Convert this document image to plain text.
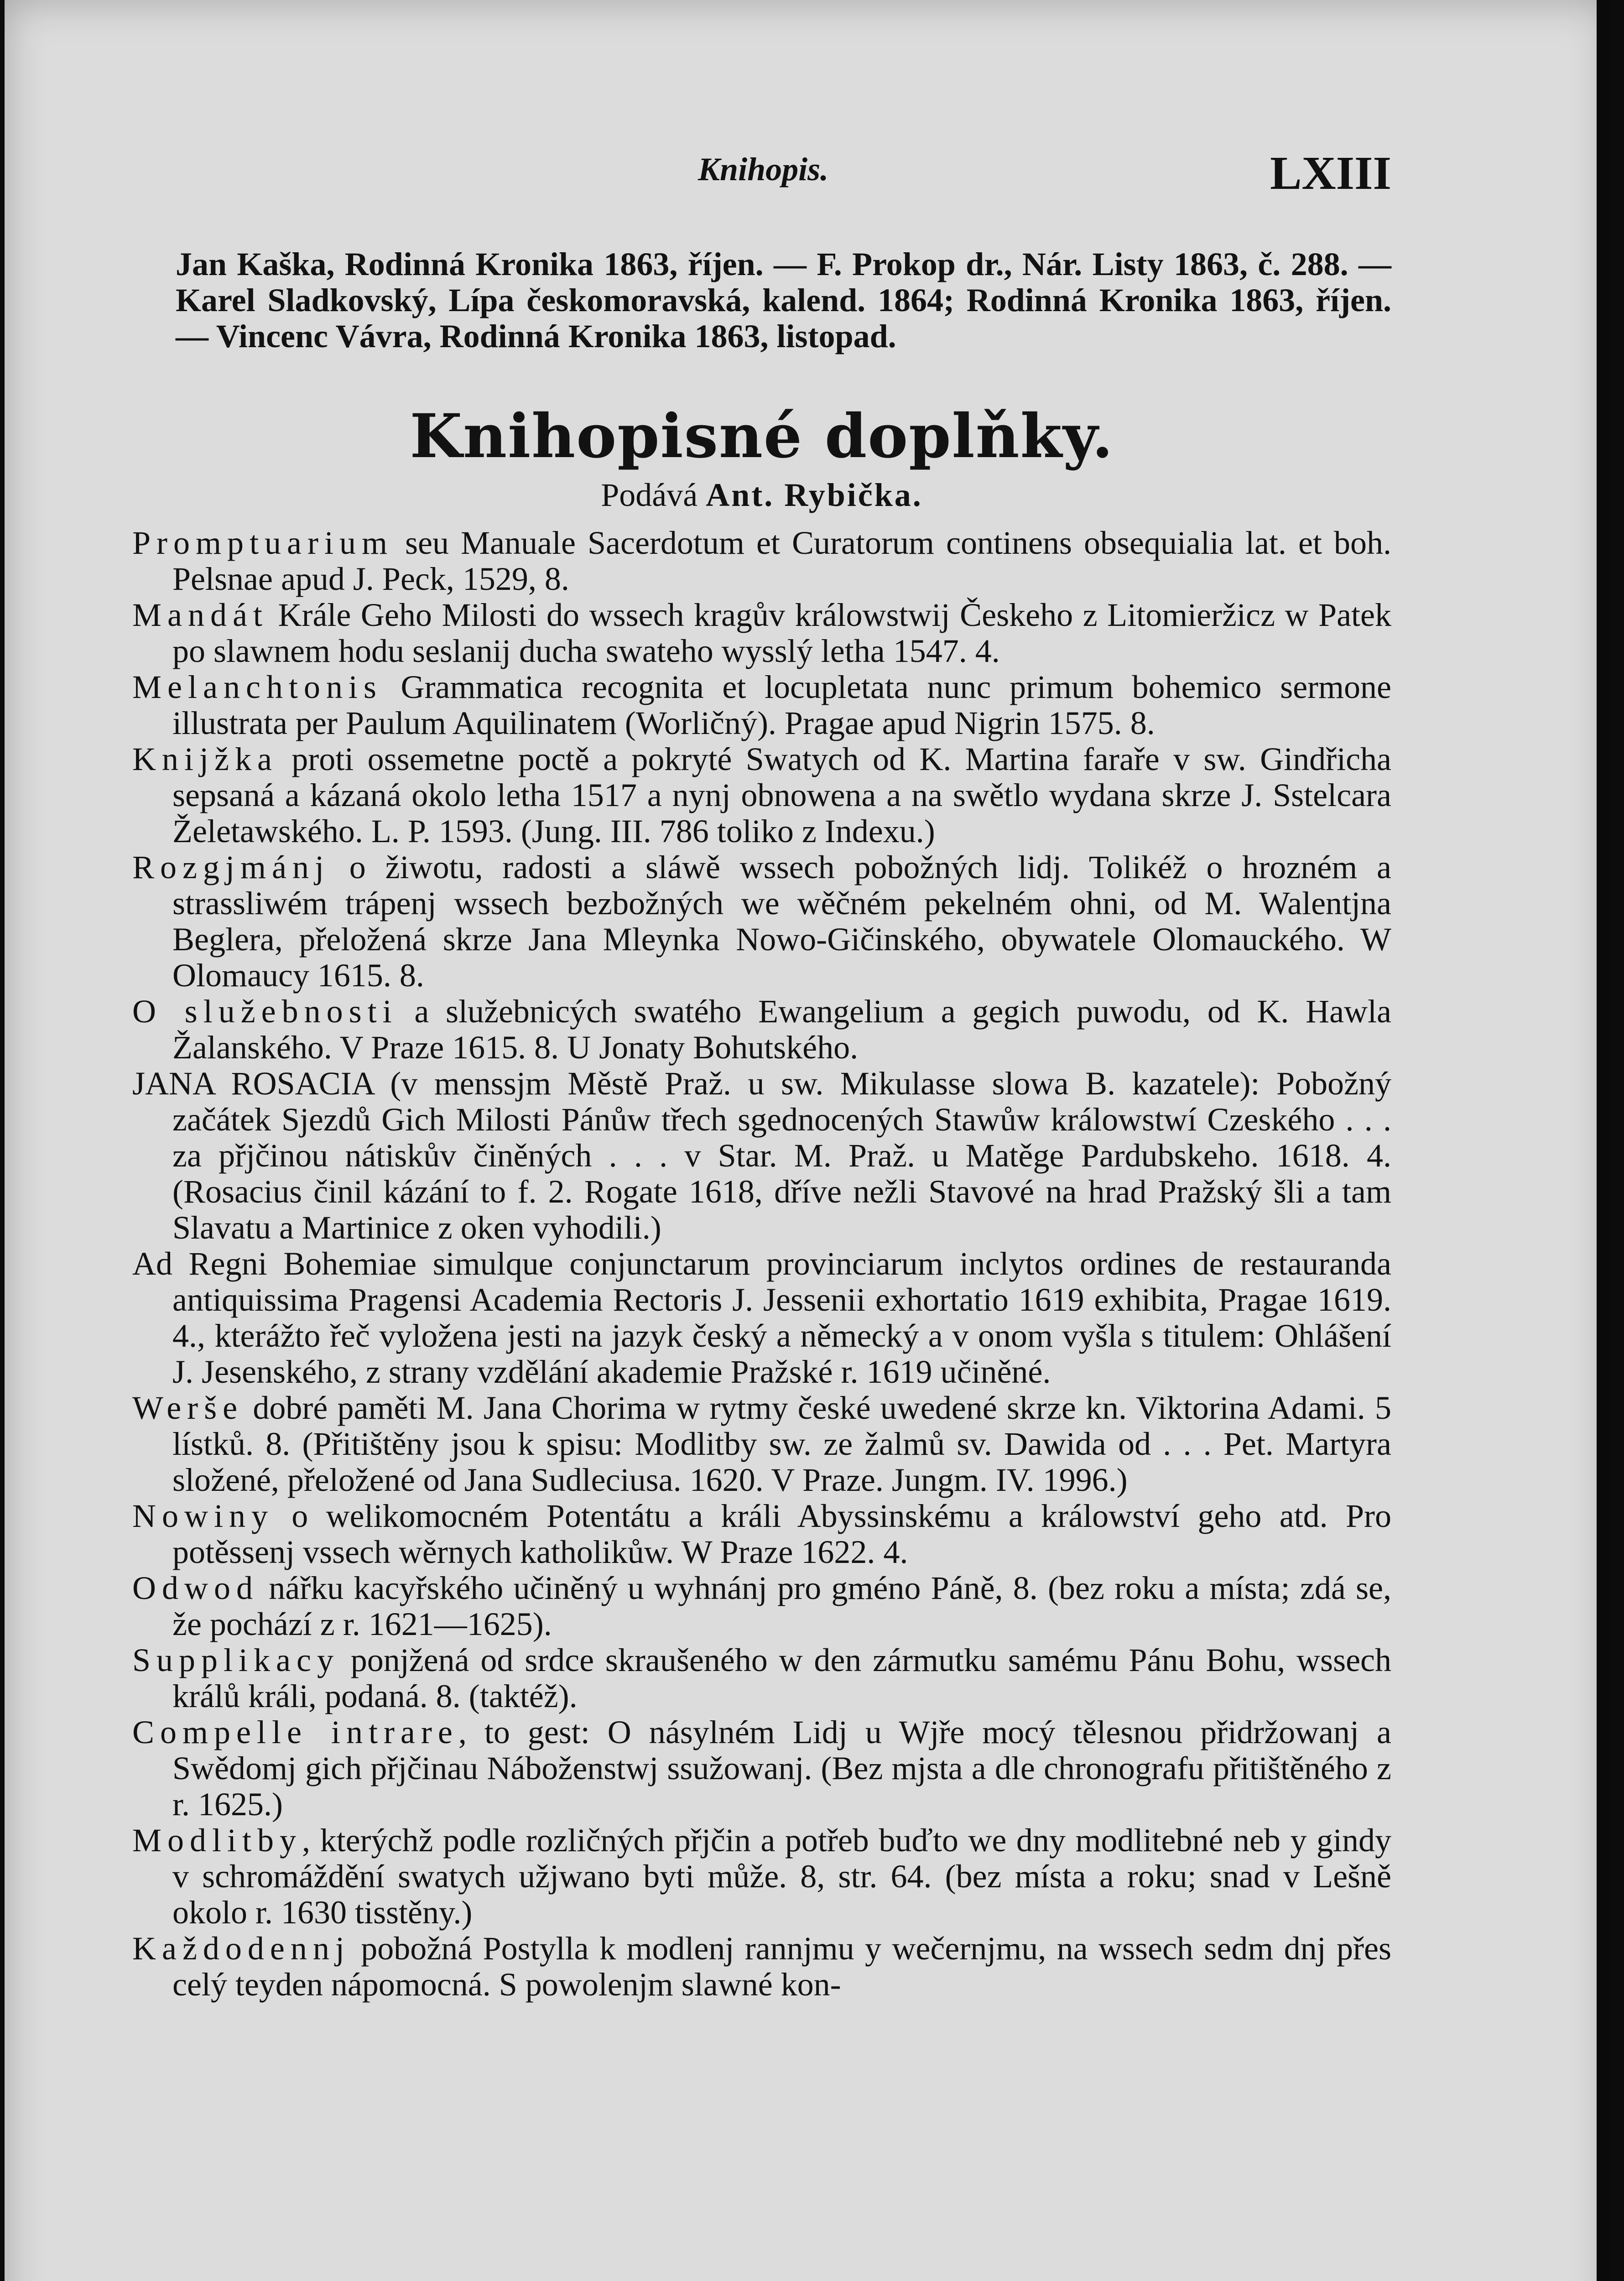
Knihopis.	LXIII

Jan Kaška, Rodinná Kronika 1863, říjen. — F. Prokop dr., Nár. Listy 1863, č. 288. — Karel Sladkovský, Lípa českomoravská, kalend. 1864; Rodinná Kronika 1863, říjen. — Vincenc Vávra, Rodinná Kronika 1863, listopad.

Knihopisné doplňky.
Podává Ant. Rybička.

Promptuarium seu Manuale Sacerdotum et Curatorum continens obsequialia lat. et boh. Pelsnae apud J. Peck, 1529, 8.

Mandát Krále Geho Milosti do wssech kragův králowstwij Českeho z Litomieržicz w Patek po slawnem hodu seslanij ducha swateho wysslý letha 1547. 4.

Melanchtonis Grammatica recognita et locupletata nunc primum bohemico sermone illustrata per Paulum Aquilinatem (Worličný). Pragae apud Nigrin 1575. 8.

Knijžka proti ossemetne poctě a pokryté Swatych od K. Martina faraře v sw. Gindřicha sepsaná a kázaná okolo letha 1517 a nynj obnowena a na swětlo wydana skrze J. Sstelcara Želetawského. L. P. 1593. (Jung. III. 786 toliko z Indexu.)

Rozgjmánj o žiwotu, radosti a sláwě wssech pobožných lidj. Tolikéž o hrozném a strassliwém trápenj wssech bezbožných we wěčném pekelném ohni, od M. Walentjna Beglera, přeložená skrze Jana Mleynka Nowo-Gičinského, obywatele Olomauckého. W Olomaucy 1615. 8.

O služebnosti a služebnicých swatého Ewangelium a gegich puwodu, od K. Hawla Žalanského. V Praze 1615. 8. U Jonaty Bohutského.

JANA ROSACIA (v menssjm Městě Praž. u sw. Mikulasse slowa B. kazatele): Pobožný začátek Sjezdů Gich Milosti Pánůw třech sgednocených Stawůw králowstwí Czeského . . . za přjčinou nátiskův činěných . . . v Star. M. Praž. u Matěge Pardubskeho. 1618. 4. (Rosacius činil kázání to f. 2. Rogate 1618, dříve nežli Stavové na hrad Pražský šli a tam Slavatu a Martinice z oken vyhodili.)

Ad Regni Bohemiae simulque conjunctarum provinciarum inclytos ordines de restauranda antiquissima Pragensi Academia Rectoris J. Jessenii exhortatio 1619 exhibita, Pragae 1619. 4., kterážto řeč vyložena jesti na jazyk český a německý a v onom vyšla s titulem: Ohlášení J. Jesenského, z strany vzdělání akademie Pražské r. 1619 učiněné.

Werše dobré paměti M. Jana Chorima w rytmy české uwedené skrze kn. Viktorina Adami. 5 lístků. 8. (Přitištěny jsou k spisu: Modlitby sw. ze žalmů sv. Dawida od . . . Pet. Martyra složené, přeložené od Jana Sudleciusa. 1620. V Praze. Jungm. IV. 1996.)

Nowiny o welikomocném Potentátu a králi Abyssinskému a králowství geho atd. Pro potěssenj vssech wěrnych katholikůw. W Praze 1622. 4.

Odwod nářku kacyřského učiněný u wyhnánj pro gméno Páně, 8. (bez roku a místa; zdá se, že pochází z r. 1621—1625).

Supplikacy ponjžená od srdce skraušeného w den zármutku samému Pánu Bohu, wssech králů králi, podaná. 8. (taktéž).

Compelle intrare, to gest: O násylném Lidj u Wjře mocý tělesnou přidržowanj a Swědomj gich přjčinau Náboženstwj ssužowanj. (Bez mjsta a dle chronografu přitištěného z r. 1625.)

Modlitby, kterýchž podle rozličných přjčin a potřeb buďto we dny modlitebné neb y gindy v schromáždění swatych užjwano byti může. 8, str. 64. (bez místa a roku; snad v Lešně okolo r. 1630 tisstěny.)

Každodennj pobožná Postylla k modlenj rannjmu y wečernjmu, na wssech sedm dnj přes celý teyden nápomocná. S powolenjm slawné kon-
